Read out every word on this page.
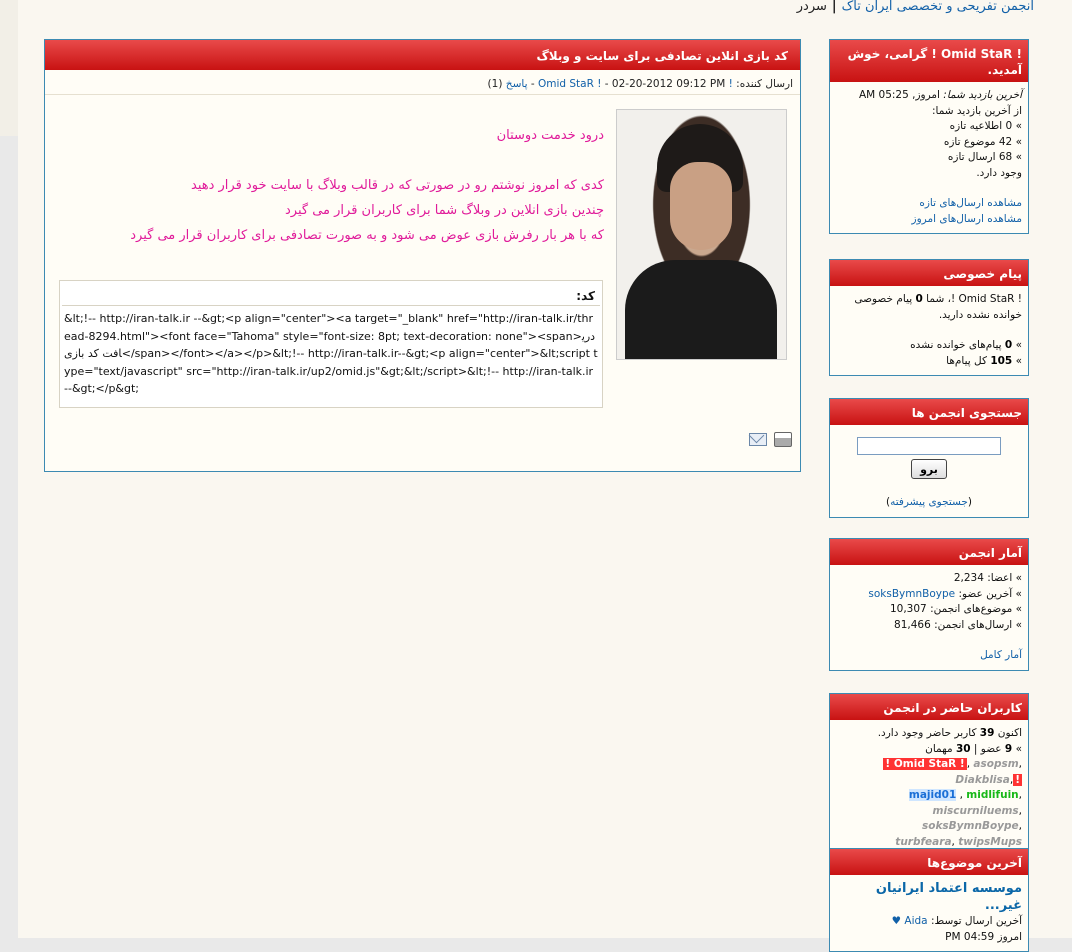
انجمن تفریحی و تخصصی ایران تاک|سردر
کد بازی انلاین تصادفی برای سایت و وبلاگ
ارسال کننده: ! Omid StaR ! - 02-20-2012 09:12 PM - پاسخ (1)
درود خدمت دوستان

کدی که امروز نوشتم رو در صورتی که در قالب وبلاگ با سایت خود قرار دهید
چندین بازی انلاین در وبلاگ شما برای کاربران قرار می گیرد
که با هر بار رفرش بازی عوض می شود و به صورت تصادفی برای کاربران قرار می گیرد
کد:
&lt;!-- http://iran-talk.ir --&gt;<p align="center"><a target="_blank" href="http://iran-talk.ir/thread-8294.html"><font face="Tahoma" style="font-size: 8pt; text-decoration: none"><span>دریافت کد بازی</span></font></a></p>&lt;!-- http://iran-talk.ir--&gt;<p align="center">&lt;script type="text/javascript" src="http://iran-talk.ir/up2/omid.js"&gt;&lt;/script>&lt;!-- http://iran-talk.ir --&gt;</p&gt;

! Omid StaR ! گرامی، خوش آمدید.
آخرین بازدید شما: امروز, 05:25 AM
از آخرین بازدید شما:
» 0 اطلاعیه تازه
» 42 موضوع تازه
» 68 ارسال تازه
وجود دارد.
مشاهده ارسال‌های تازه
مشاهده ارسال‌های امروز
پیام خصوصی
! Omid StaR !، شما 0 پیام خصوصی خوانده نشده دارید.
» 0 پیام‌های خوانده نشده
» 105 کل پیام‌ها
جستجوی انجمن ها
برو
(جستجوی پیشرفته)
آمار انجمن
» اعضا: 2,234
» آخرین عضو: soksBymnBoype
» موضوع‌های انجمن: 10,307
» ارسال‌های انجمن: 81,466
آمار کامل
کاربران حاضر در انجمن
اکنون 39 کاربر حاضر وجود دارد.
» 9 عضو | 30 مهمان
! Omid StaR ! , asopsm, Diakblisa, !
majid01 , midlifuin,
miscurniluems, soksBymnBoype,
turbfeara, twipsMups
آخرین موضوع‌ها
موسسه اعتماد ایرانیان غیر...
آخرین ارسال توسط: Aida ♥
امروز 04:59 PM
